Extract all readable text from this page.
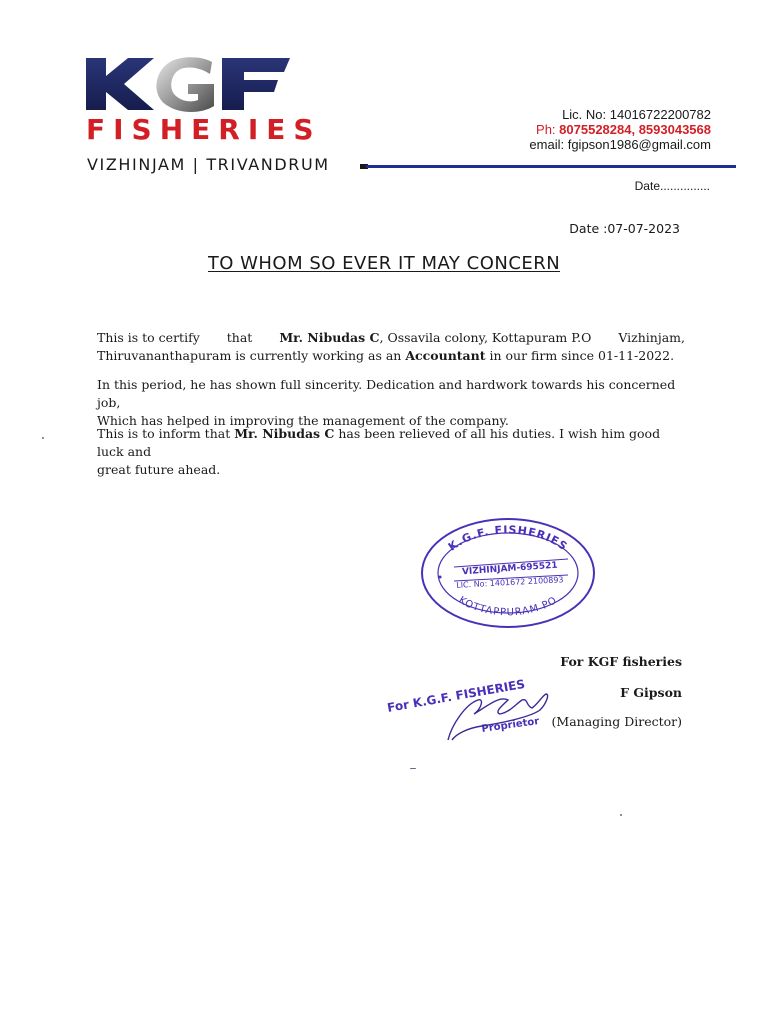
FISHERIES
VIZHINJAM | TRIVANDRUM
Lic. No: 14016722200782
Ph: 8075528284, 8593043568
email: fgipson1986@gmail.com
Date...............
Date :07-07-2023
TO WHOM SO EVER IT MAY CONCERN

This is to certify that Mr. Nibudas C, Ossavila colony, Kottapuram P.O Vizhinjam,

Thiruvananthapuram is currently working as an Accountant in our firm since 01-11-2022.

In this period, he has shown full sincerity. Dedication and hardwork towards his concerned job,

Which has helped in improving the management of the company.

This is to inform that Mr. Nibudas C has been relieved of all his duties. I wish him good luck and

great future ahead.

K.G.F. FISHERIES
KOTTAPPURAM PO
VIZHINJAM-695521
LIC. No: 1401672 2100893
For K.G.F. FISHERIES
Proprietor
For KGF fisheries
F Gipson
(Managing Director)
